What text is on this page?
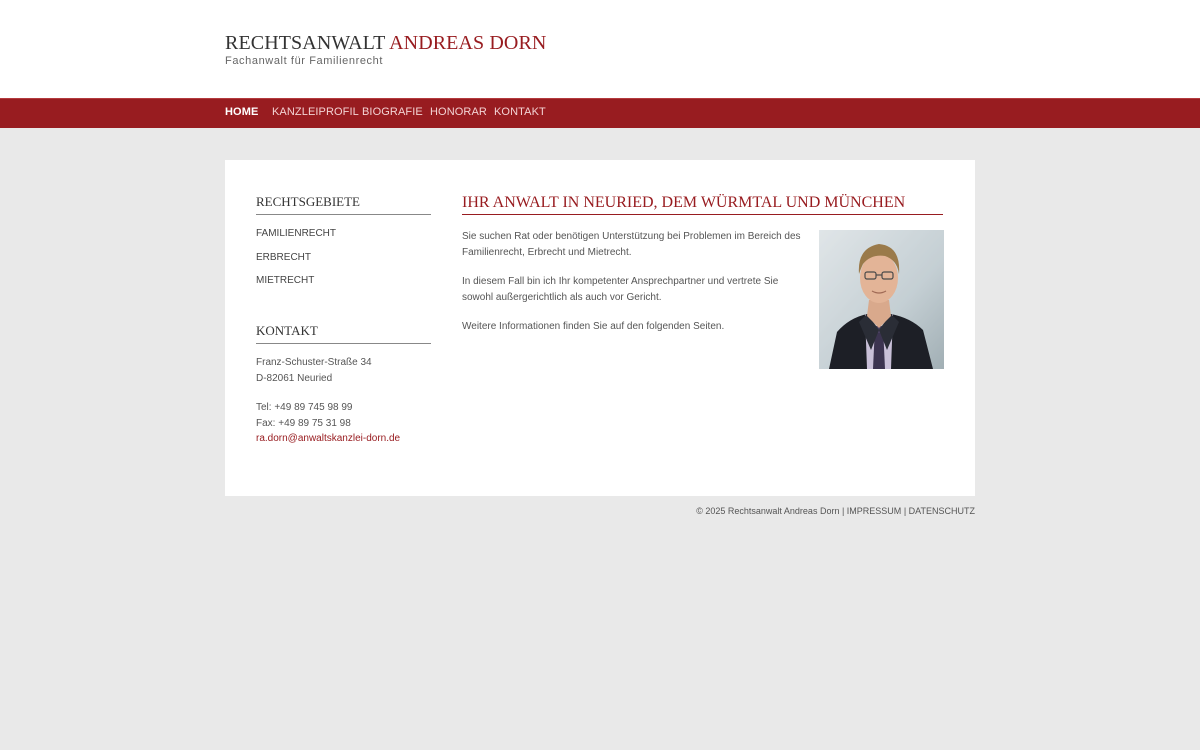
RECHTSANWALT ANDREAS DORN
Fachanwalt für Familienrecht
HOME KANZLEIPROFIL BIOGRAFIE HONORAR KONTAKT
RECHTSGEBIETE
FAMILIENRECHT
ERBRECHT
MIETRECHT
KONTAKT
Franz-Schuster-Straße 34
D-82061 Neuried
Tel: +49 89 745 98 99
Fax: +49 89 75 31 98
ra.dorn@anwaltskanzlei-dorn.de
IHR ANWALT IN NEURIED, DEM WÜRMTAL UND MÜNCHEN
Sie suchen Rat oder benötigen Unterstützung bei Problemen im Bereich des Familienrecht, Erbrecht und Mietrecht.
In diesem Fall bin ich Ihr kompetenter Ansprechpartner und vertrete Sie sowohl außergerichtlich als auch vor Gericht.
Weitere Informationen finden Sie auf den folgenden Seiten.
© 2025 Rechtsanwalt Andreas Dorn | IMPRESSUM | DATENSCHUTZ
